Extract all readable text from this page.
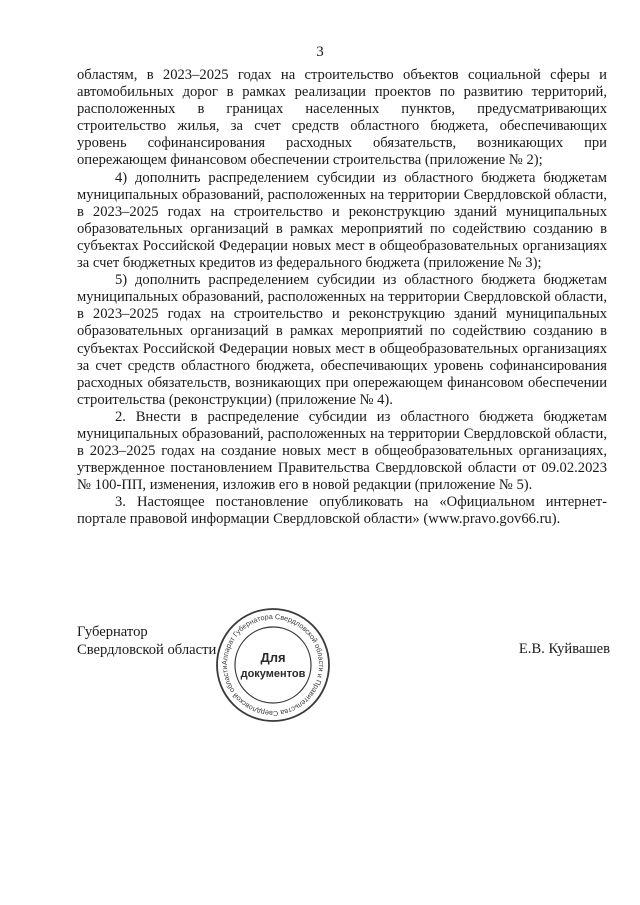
3

областям, в 2023–2025 годах на строительство объектов социальной сферы и автомобильных дорог в рамках реализации проектов по развитию территорий, расположенных в границах населенных пунктов, предусматривающих строительство жилья, за счет средств областного бюджета, обеспечивающих уровень софинансирования расходных обязательств, возникающих при опережающем финансовом обеспечении строительства (приложение № 2);

4) дополнить распределением субсидии из областного бюджета бюджетам муниципальных образований, расположенных на территории Свердловской области, в 2023–2025 годах на строительство и реконструкцию зданий муниципальных образовательных организаций в рамках мероприятий по содействию созданию в субъектах Российской Федерации новых мест в общеобразовательных организациях за счет бюджетных кредитов из федерального бюджета (приложение № 3);

5) дополнить распределением субсидии из областного бюджета бюджетам муниципальных образований, расположенных на территории Свердловской области, в 2023–2025 годах на строительство и реконструкцию зданий муниципальных образовательных организаций в рамках мероприятий по содействию созданию в субъектах Российской Федерации новых мест в общеобразовательных организациях за счет средств областного бюджета, обеспечивающих уровень софинансирования расходных обязательств, возникающих при опережающем финансовом обеспечении строительства (реконструкции) (приложение № 4).

2. Внести в распределение субсидии из областного бюджета бюджетам муниципальных образований, расположенных на территории Свердловской области, в 2023–2025 годах на создание новых мест в общеобразовательных организациях, утвержденное постановлением Правительства Свердловской области от 09.02.2023 № 100-ПП, изменения, изложив его в новой редакции (приложение № 5).

3. Настоящее постановление опубликовать на «Официальном интернет-портале правовой информации Свердловской области» (www.pravo.gov66.ru).

Губернатор
Свердловской области	Е.В. Куйвашев
Аппарат Губернатора Свердловской области и Правительства Свердловской области
Для
документов
